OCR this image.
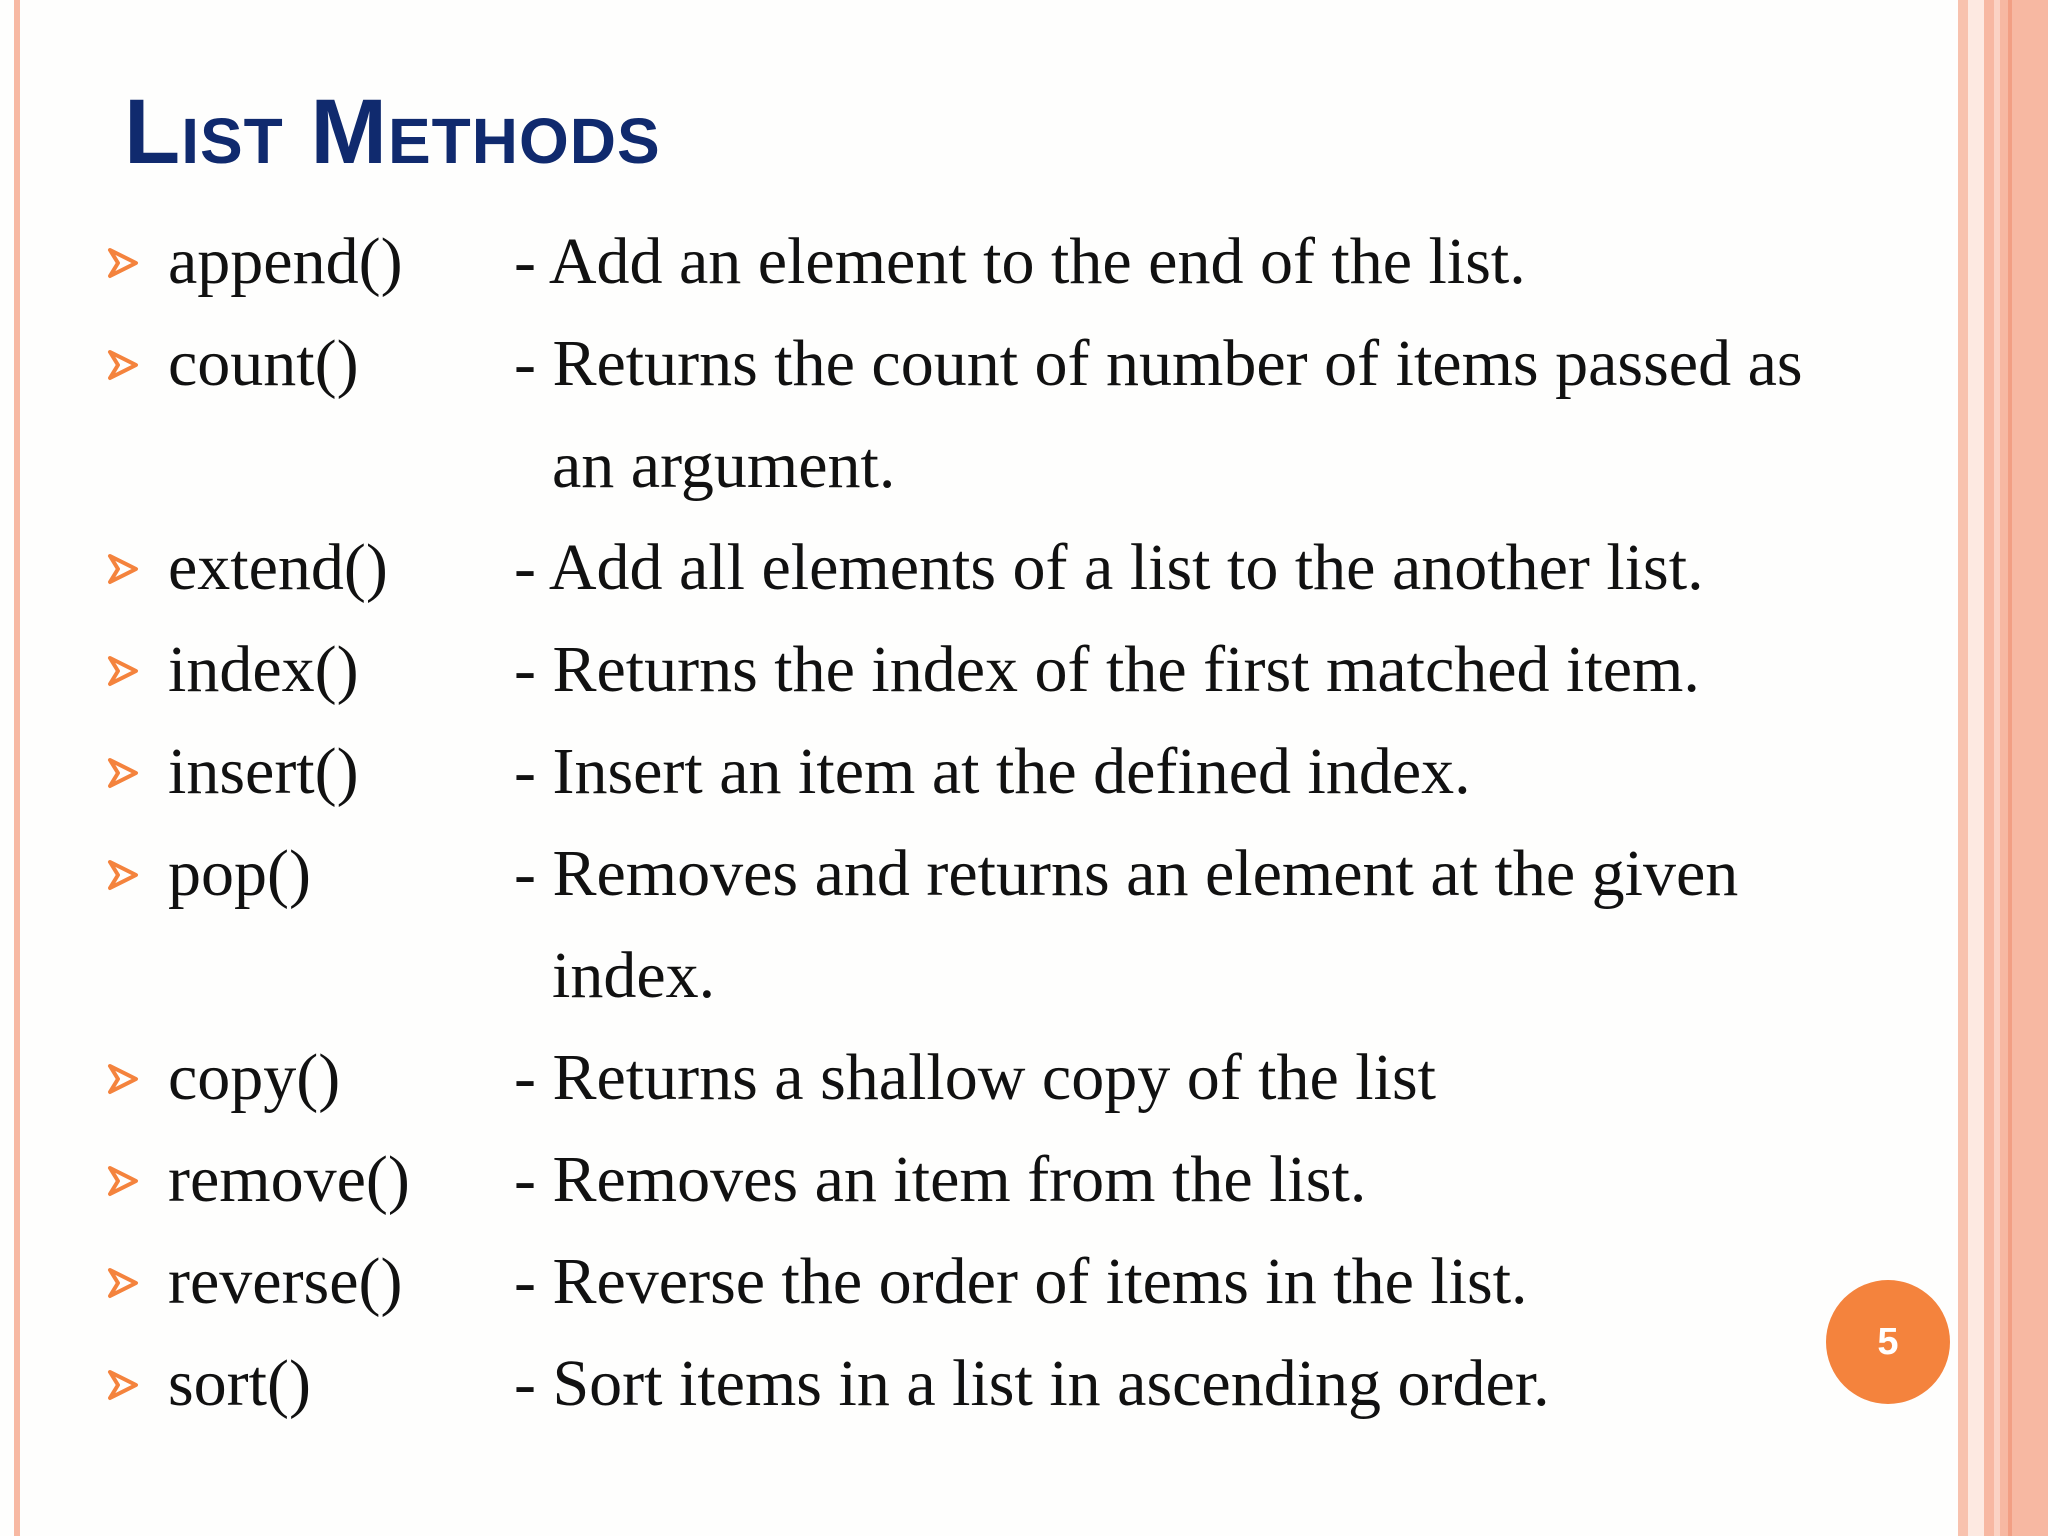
List Methods
append() - Add an element to the end of the list.
count() - Returns the count of number of items passed as
an argument.
extend() - Add all elements of a list to the another list.
index() - Returns the index of the first matched item.
insert() - Insert an item at the defined index.
pop()	- Removes and returns an element at the given
index.
copy()	- Returns a shallow copy of the list
remove() - Removes an item from the list.
reverse() - Reverse the order of items in the list.
sort()	- Sort items in a list in ascending order.
5
